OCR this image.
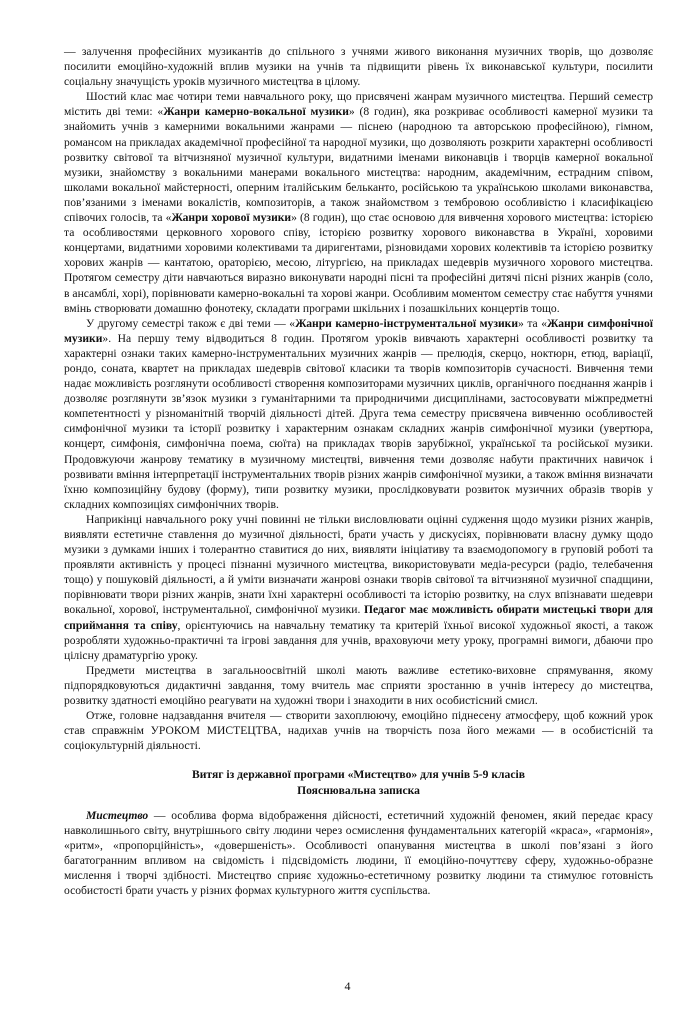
— залучення професійних музикантів до спільного з учнями живого виконання музичних творів, що дозволяє посилити емоційно-художній вплив музики на учнів та підвищити рівень їх виконавської культури, посилити соціальну значущість уроків музичного мистецтва в цілому.

Шостий клас має чотири теми навчального року, що присвячені жанрам музичного мистецтва. Перший семестр містить дві теми: «Жанри камерно-вокальної музики» (8 годин), яка розкриває особливості камерної музики та знайомить учнів з камерними вокальними жанрами — піснею (народною та авторською професійною), гімном, романсом на прикладах академічної професійної та народної музики, що дозволяють розкрити характерні особливості розвитку світової та вітчизняної музичної культури, видатними іменами виконавців і творців камерної вокальної музики, знайомству з вокальними манерами вокального мистецтва: народним, академічним, естрадним співом, школами вокальної майстерності, оперним італійським бельканто, російською та українською школами виконавства, пов’язаними з іменами вокалістів, композиторів, а також знайомством з тембровою особливістю і класифікацією співочих голосів, та «Жанри хорової музики» (8 годин), що стає основою для вивчення хорового мистецтва: історією та особливостями церковного хорового співу, історією розвитку хорового виконавства в Україні, хоровими концертами, видатними хоровими колективами та диригентами, різновидами хорових колективів та історією розвитку хорових жанрів — кантатою, ораторією, месою, літургією, на прикладах шедеврів музичного хорового мистецтва. Протягом семестру діти навчаються виразно виконувати народні пісні та професійні дитячі пісні різних жанрів (соло, в ансамблі, хорі), порівнювати камерно-вокальні та хорові жанри. Особливим моментом семестру стає набуття учнями вмінь створювати домашню фонотеку, складати програми шкільних і позашкільних концертів тощо.

У другому семестрі також є дві теми — «Жанри камерно-інструментальної музики» та «Жанри симфонічної музики». На першу тему відводиться 8 годин. Протягом уроків вивчають характерні особливості розвитку та характерні ознаки таких камерно-інструментальних музичних жанрів — прелюдія, скерцо, ноктюрн, етюд, варіації, рондо, соната, квартет на прикладах шедеврів світової класики та творів композиторів сучасності. Вивчення теми надає можливість розглянути особливості створення композиторами музичних циклів, органічного поєднання жанрів і дозволяє розглянути зв’язок музики з гуманітарними та природничими дисциплінами, застосовувати міжпредметні компетентності у різноманітній творчій діяльності дітей. Друга тема семестру присвячена вивченню особливостей симфонічної музики та історії розвитку і характерним ознакам складних жанрів симфонічної музики (увертюра, концерт, симфонія, симфонічна поема, сюїта) на прикладах творів зарубіжної, української та російської музики. Продовжуючи жанрову тематику в музичному мистецтві, вивчення теми дозволяє набути практичних навичок і розвивати вміння інтерпретації інструментальних творів різних жанрів симфонічної музики, а також вміння визначати їхню композиційну будову (форму), типи розвитку музики, прослідковувати розвиток музичних образів творів у складних композиціях симфонічних творів.

Наприкінці навчального року учні повинні не тільки висловлювати оцінні судження щодо музики різних жанрів, виявляти естетичне ставлення до музичної діяльності, брати участь у дискусіях, порівнювати власну думку щодо музики з думками інших і толерантно ставитися до них, виявляти ініціативу та взаємодопомогу в груповій роботі та проявляти активність у процесі пізнанні музичного мистецтва, використовувати медіа-ресурси (радіо, телебачення тощо) у пошуковій діяльності, а й уміти визначати жанрові ознаки творів світової та вітчизняної музичної спадщини, порівнювати твори різних жанрів, знати їхні характерні особливості та історію розвитку, на слух впізнавати шедеври вокальної, хорової, інструментальної, симфонічної музики. Педагог має можливість обирати мистецькі твори для сприймання та співу, орієнтуючись на навчальну тематику та критерій їхньої високої художньої якості, а також розробляти художньо-практичні та ігрові завдання для учнів, враховуючи мету уроку, програмні вимоги, дбаючи про цілісну драматургію уроку.

Предмети мистецтва в загальноосвітній школі мають важливе естетико-виховне спрямування, якому підпорядковуються дидактичні завдання, тому вчитель має сприяти зростанню в учнів інтересу до мистецтва, розвитку здатності емоційно реагувати на художні твори і знаходити в них особистісний смисл.

Отже, головне надзавдання вчителя — створити захоплюючу, емоційно піднесену атмосферу, щоб кожний урок став справжнім УРОКОМ МИСТЕЦТВА, надихав учнів на творчість поза його межами — в особистісній та соціокультурній діяльності.

Витяг із державної програми «Мистецтво» для учнів 5-9 класів

Пояснювальна записка

Мистецтво — особлива форма відображення дійсності, естетичний художній феномен, який передає красу навколишнього світу, внутрішнього світу людини через осмислення фундаментальних категорій «краса», «гармонія», «ритм», «пропорційність», «довершеність». Особливості опанування мистецтва в школі пов’язані з його багатогранним впливом на свідомість і підсвідомість людини, її емоційно-почуттєву сферу, художньо-образне мислення і творчі здібності. Мистецтво сприяє художньо-естетичному розвитку людини та стимулює готовність особистості брати участь у різних формах культурного життя суспільства.

4
